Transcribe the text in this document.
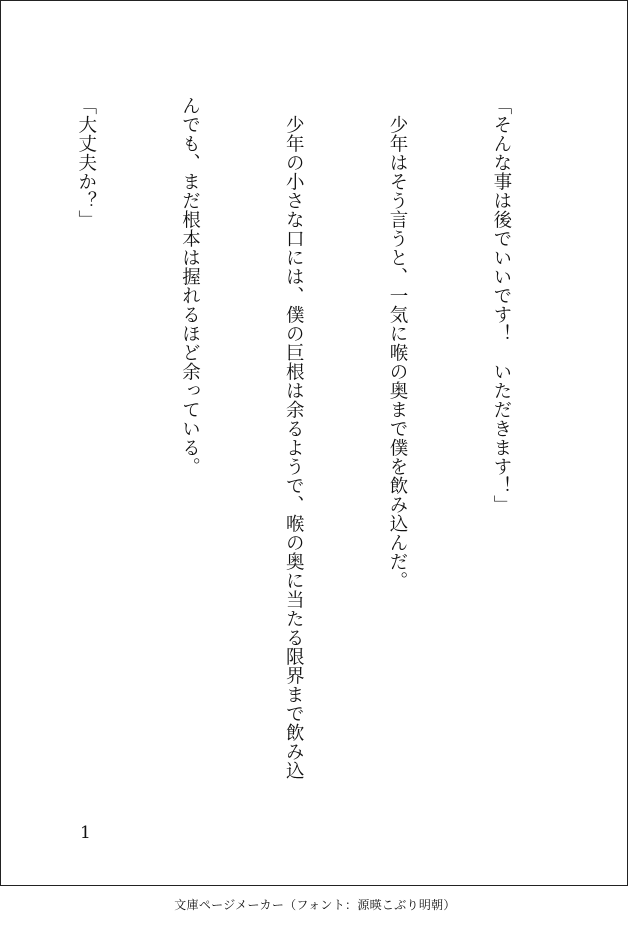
「そんな事は後でいいです！　いただきます！」

　少年はそう言うと、一気に喉の奥まで僕を飲み込んだ。

　少年の小さな口には、僕の巨根は余るようで、喉の奥に当たる限界まで飲み込

んでも、まだ根本は握れるほど余っている。

「大丈夫か？」

1
文庫ページメーカー（フォント：源暎こぶり明朝）
